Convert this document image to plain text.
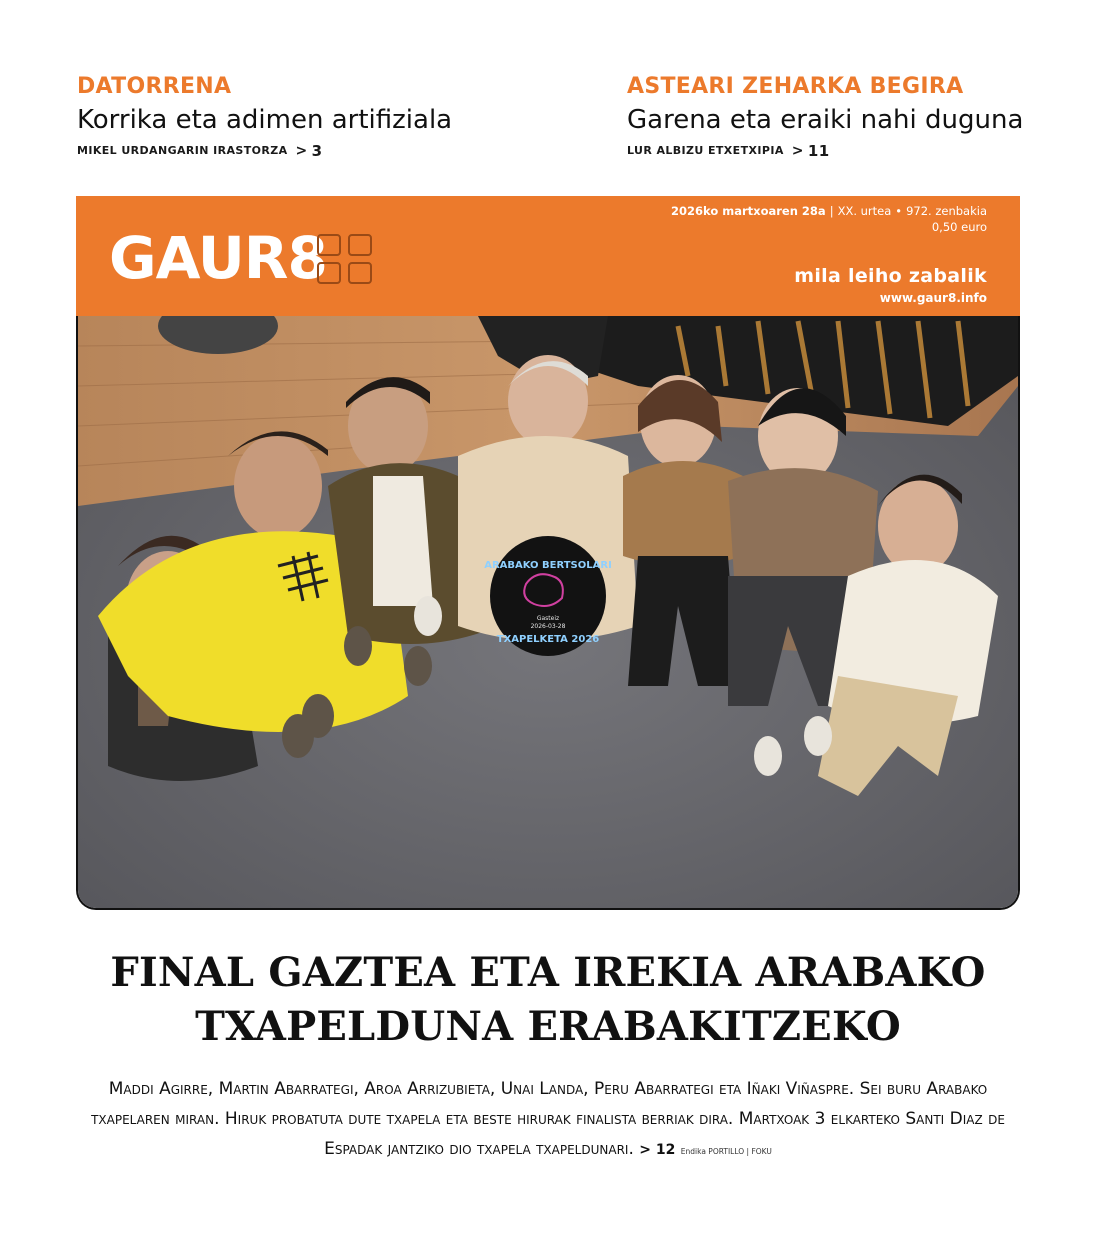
DATORRENA
Korrika eta adimen artifiziala
MIKEL URDANGARIN IRASTORZA > 3
ASTEARI ZEHARKA BEGIRA
Garena eta eraiki nahi duguna
LUR ALBIZU ETXETXIPIA > 11
GAUR8
2026ko martxoaren 28a | XX. urtea • 972. zenbakia
0,50 euro
mila leiho zabalik
www.gaur8.info
ARABAKO BERTSOLARI
Gasteiz
2026-03-28
TXAPELKETA 2026
FINAL GAZTEA ETA IREKIA ARABAKO
TXAPELDUNA ERABAKITZEKO
Maddi Agirre, Martin Abarrategi, Aroa Arrizubieta, Unai Landa, Peru Abarrategi eta Iñaki Viñaspre. Sei buru Arabako txapelaren miran. Hiruk probatuta dute txapela eta beste hirurak finalista berriak dira. Martxoak 3 elkarteko Santi Diaz de Espadak jantziko dio txapela txapeldunari. > 12 Endika PORTILLO | FOKU
